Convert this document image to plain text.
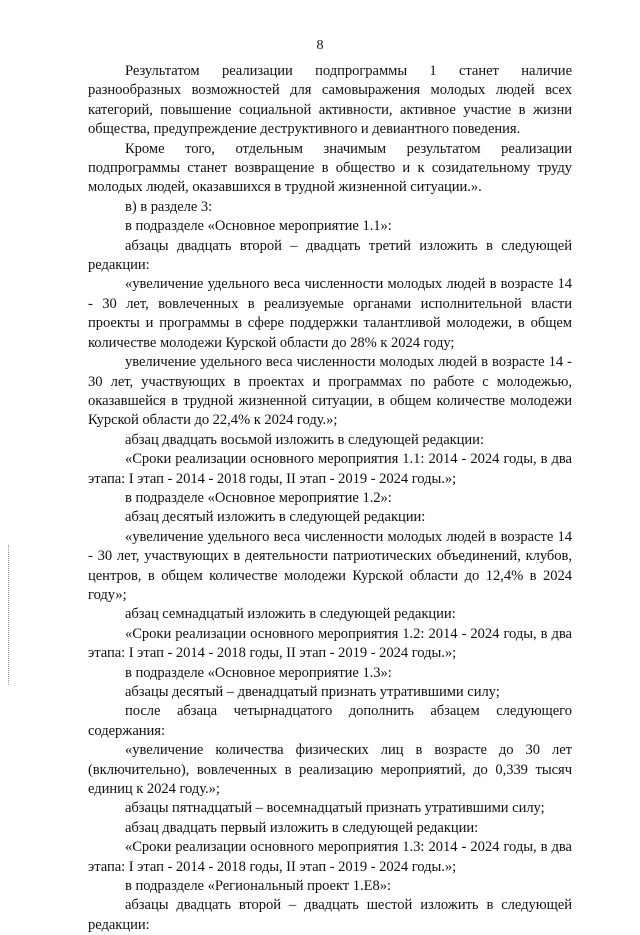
8

Результатом реализации подпрограммы 1 станет наличие разнообразных возможностей для самовыражения молодых людей всех категорий, повышение социальной активности, активное участие в жизни общества, предупреждение деструктивного и девиантного поведения.

Кроме того, отдельным значимым результатом реализации подпрограммы станет возвращение в общество и к созидательному труду молодых людей, оказавшихся в трудной жизненной ситуации.».

в) в разделе 3:

в подразделе «Основное мероприятие 1.1»:

абзацы двадцать второй – двадцать третий изложить в следующей редакции:

«увеличение удельного веса численности молодых людей в возрасте 14 - 30 лет, вовлеченных в реализуемые органами исполнительной власти проекты и программы в сфере поддержки талантливой молодежи, в общем количестве молодежи Курской области до 28% к 2024 году;

увеличение удельного веса численности молодых людей в возрасте 14 - 30 лет, участвующих в проектах и программах по работе с молодежью, оказавшейся в трудной жизненной ситуации, в общем количестве молодежи Курской области до 22,4% к 2024 году.»;

абзац двадцать восьмой изложить в следующей редакции:

«Сроки реализации основного мероприятия 1.1: 2014 - 2024 годы, в два этапа: I этап - 2014 - 2018 годы, II этап - 2019 - 2024 годы.»;

в подразделе «Основное мероприятие 1.2»:

абзац десятый изложить в следующей редакции:

«увеличение удельного веса численности молодых людей в возрасте 14 - 30 лет, участвующих в деятельности патриотических объединений, клубов, центров, в общем количестве молодежи Курской области до 12,4% в 2024 году»;

абзац семнадцатый изложить в следующей редакции:

«Сроки реализации основного мероприятия 1.2: 2014 - 2024 годы, в два этапа: I этап - 2014 - 2018 годы, II этап - 2019 - 2024 годы.»;

в подразделе «Основное мероприятие 1.3»:

абзацы десятый – двенадцатый признать утратившими силу;

после абзаца четырнадцатого дополнить абзацем следующего содержания:

«увеличение количества физических лиц в возрасте до 30 лет (включительно), вовлеченных в реализацию мероприятий, до 0,339 тысяч единиц к 2024 году.»;

абзацы пятнадцатый – восемнадцатый признать утратившими силу;

абзац двадцать первый изложить в следующей редакции:

«Сроки реализации основного мероприятия 1.3: 2014 - 2024 годы, в два этапа: I этап - 2014 - 2018 годы, II этап - 2019 - 2024 годы.»;

в подразделе «Региональный проект 1.Е8»:

абзацы двадцать второй – двадцать шестой изложить в следующей редакции:
